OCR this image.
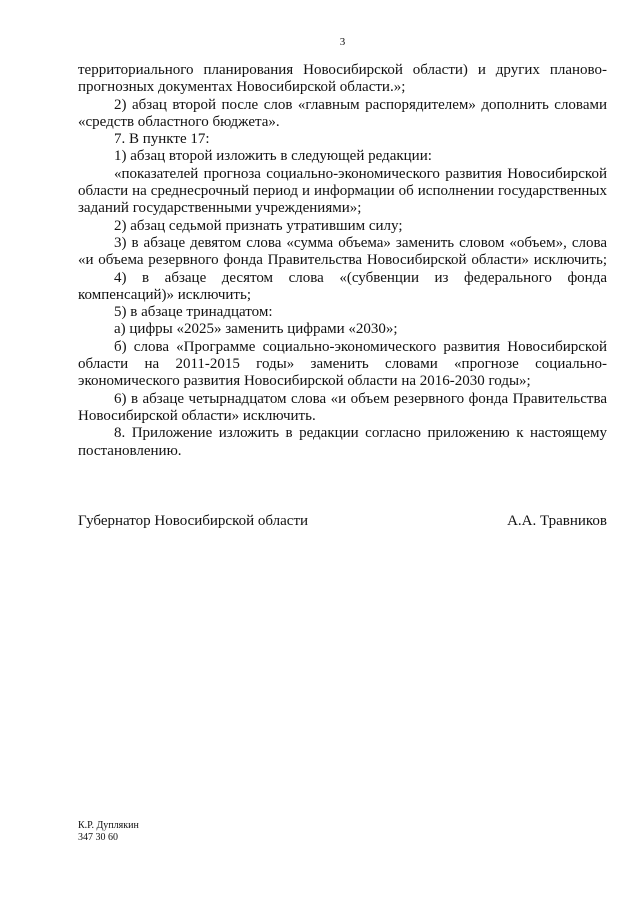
3
территориального планирования Новосибирской области) и других планово-
прогнозных документах Новосибирской области.»;
2) абзац второй после слов «главным распорядителем» дополнить словами
«средств областного бюджета».
7. В пункте 17:
1) абзац второй изложить в следующей редакции:
«показателей прогноза социально-экономического развития Новосибирской
области на среднесрочный период и информации об исполнении государственных
заданий государственными учреждениями»;
2) абзац седьмой признать утратившим силу;
3) в абзаце девятом слова «сумма объема» заменить словом «объем», слова
«и объема резервного фонда Правительства Новосибирской области» исключить;
4) в абзаце десятом слова «(субвенции из федерального фонда
компенсаций)» исключить;
5) в абзаце тринадцатом:
а) цифры «2025» заменить цифрами «2030»;
б) слова «Программе социально-экономического развития Новосибирской
области на 2011-2015 годы» заменить словами «прогнозе социально-
экономического развития Новосибирской области на 2016-2030 годы»;
6) в абзаце четырнадцатом слова «и объем резервного фонда Правительства
Новосибирской области» исключить.
8. Приложение изложить в редакции согласно приложению к настоящему
постановлению.
Губернатор Новосибирской области	А.А. Травников
К.Р. Дуплякин
347 30 60
